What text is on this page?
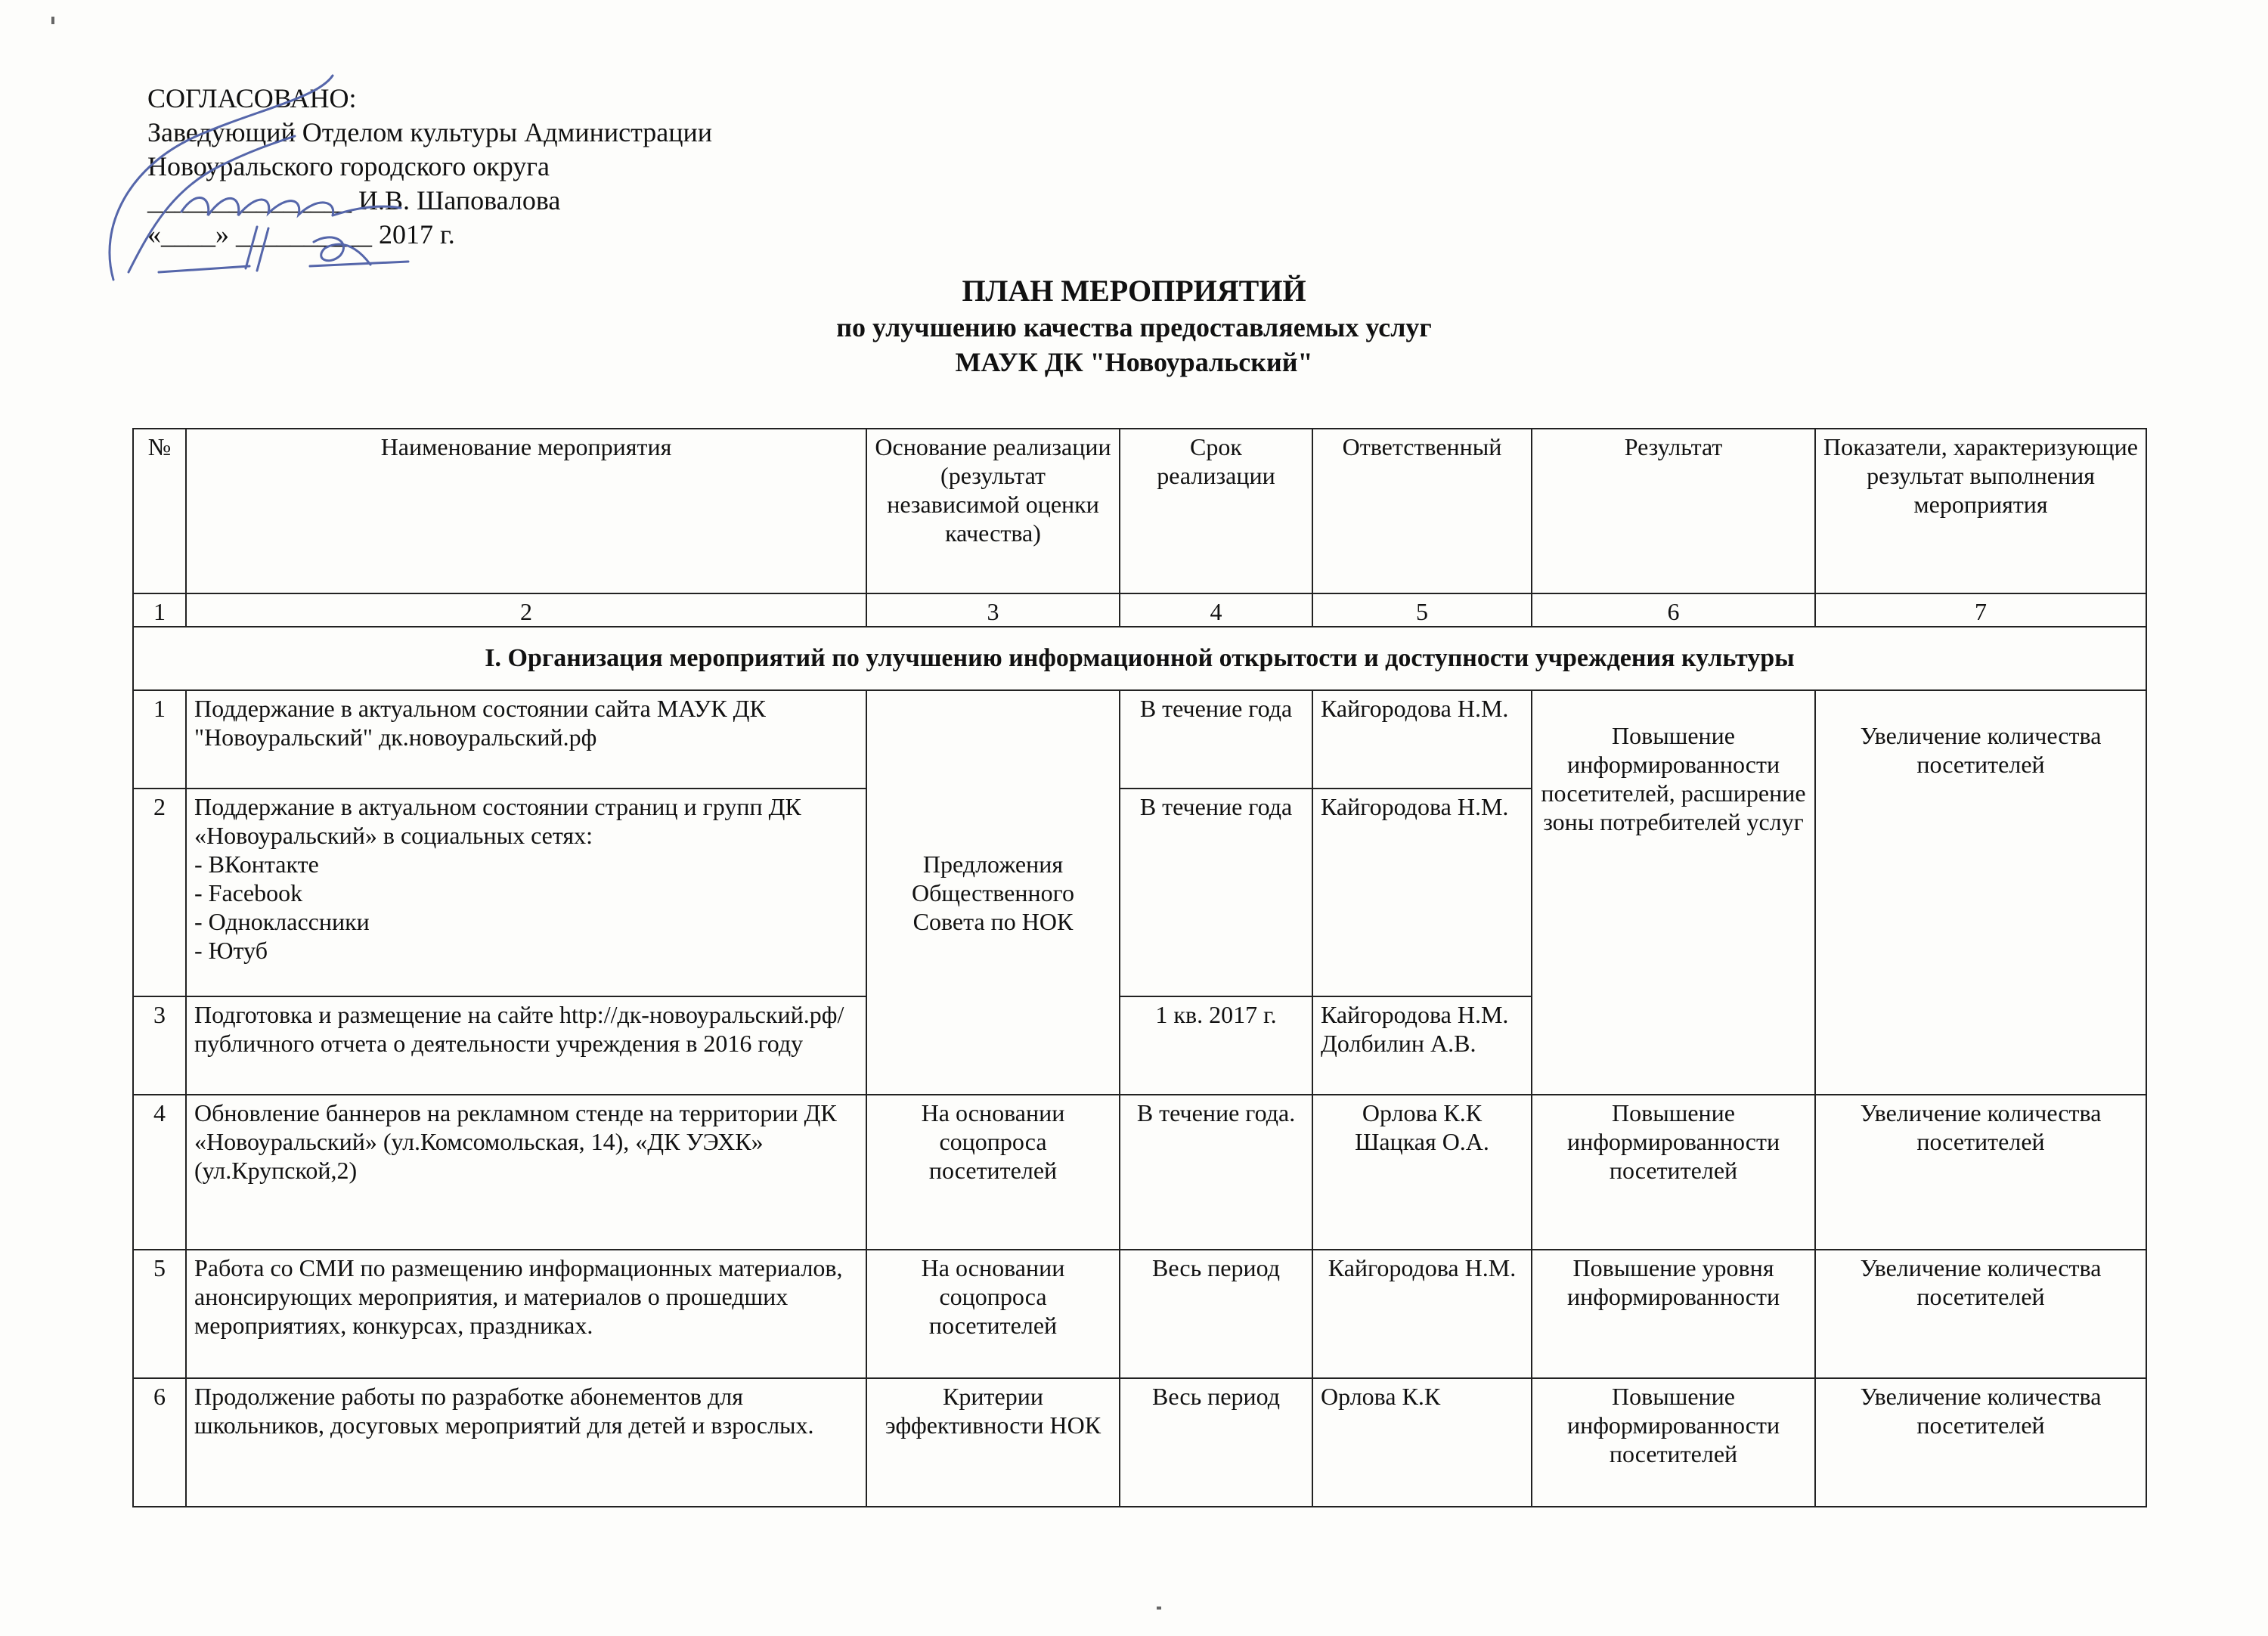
СОГЛАСОВАНО:
Заведующий Отделом культуры Администрации
Новоуральского городского округа
_______________ И.В. Шаповалова
«____» __________ 2017 г.
ПЛАН МЕРОПРИЯТИЙ
по улучшению качества предоставляемых услуг
МАУК ДК "Новоуральский"
№	Наименование мероприятия	Основание реализации (результат независимой оценки качества)	Срок реализации	Ответственный	Результат	Показатели, характеризующие результат выполнения мероприятия
1	2	3	4	5	6	7
I. Организация мероприятий по улучшению информационной открытости и доступности учреждения культуры						
1	Поддержание в актуальном состоянии сайта МАУК ДК "Новоуральский" дк.новоуральский.рф	Предложения Общественного Совета по НОК	В течение года	Кайгородова Н.М.	Повышение информированности посетителей, расширение зоны потребителей услуг	Увеличение количества посетителей
2	Поддержание в актуальном состоянии страниц и групп ДК «Новоуральский» в социальных сетях:
- ВКонтакте
- Facebook
- Одноклассники
- Ютуб		В течение года	Кайгородова Н.М.		
3	Подготовка и размещение на сайте http://дк-новоуральский.рф/ публичного отчета о деятельности учреждения в 2016 году		1 кв. 2017 г.	Кайгородова Н.М. Долбилин А.В.		
4	Обновление баннеров на рекламном стенде на территории ДК «Новоуральский» (ул.Комсомольская, 14), «ДК УЭХК» (ул.Крупской,2)	На основании соцопроса посетителей	В течение года.	Орлова К.К Шацкая О.А.	Повышение информированности посетителей	Увеличение количества посетителей
5	Работа со СМИ по размещению информационных материалов, анонсирующих мероприятия, и материалов о прошедших мероприятиях, конкурсах, праздниках.	На основании соцопроса посетителей	Весь период	Кайгородова Н.М.	Повышение уровня информированности	Увеличение количества посетителей
6	Продолжение работы по разработке абонементов для школьников, досуговых мероприятий для детей и взрослых.	Критерии эффективности НОК	Весь период	Орлова К.К	Повышение информированности посетителей	Увеличение количества посетителей
